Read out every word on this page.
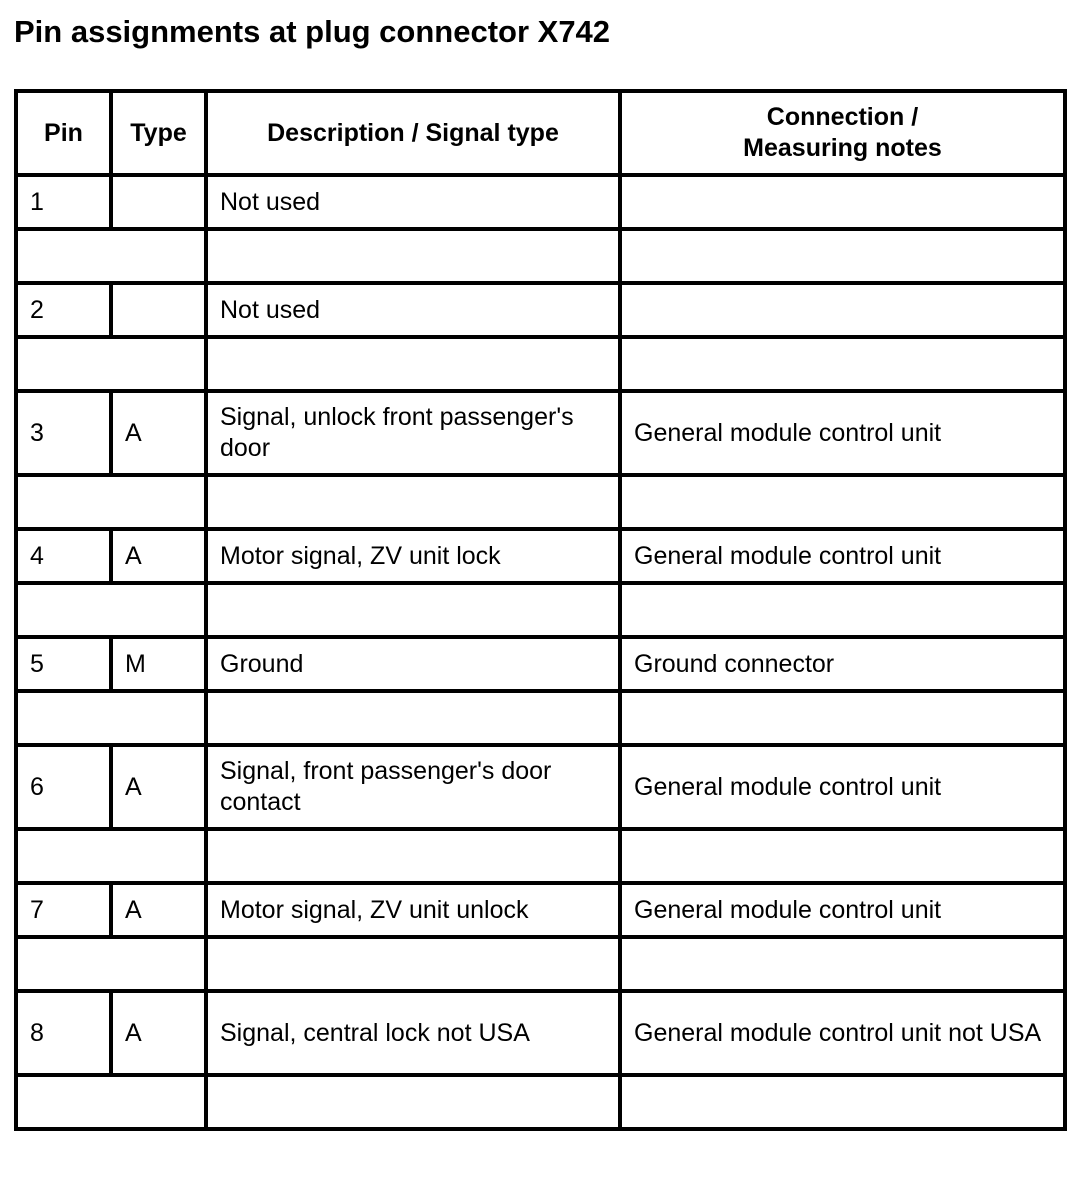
Pin assignments at plug connector X742
Pin	Type	Description / Signal type	Connection /
Measuring notes
1		Not used	

2		Not used	

3	A	Signal, unlock front passenger's door	General module control unit

4	A	Motor signal, ZV unit lock	General module control unit

5	M	Ground	Ground connector

6	A	Signal, front passenger's door contact	General module control unit

7	A	Motor signal, ZV unit unlock	General module control unit

8	A	Signal, central lock not USA	General module control unit not USA
